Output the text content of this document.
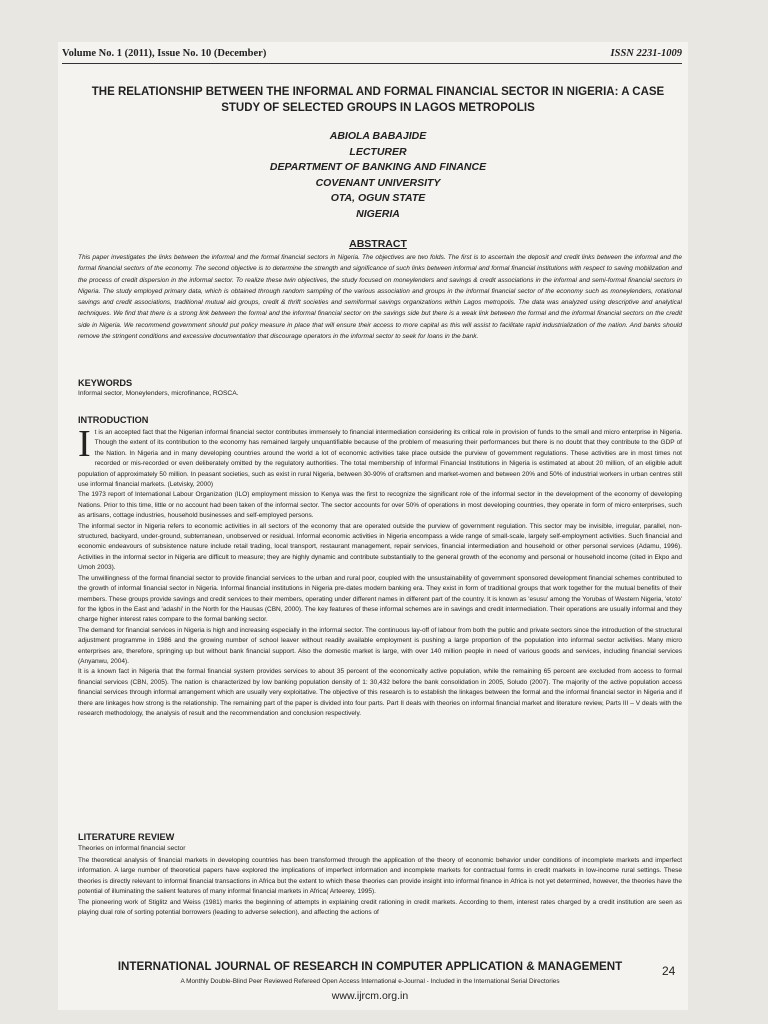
Volume No. 1 (2011), Issue No. 10 (December)	ISSN 2231-1009
THE RELATIONSHIP BETWEEN THE INFORMAL AND FORMAL FINANCIAL SECTOR IN NIGERIA: A CASE STUDY OF SELECTED GROUPS IN LAGOS METROPOLIS
ABIOLA BABAJIDE
LECTURER
DEPARTMENT OF BANKING AND FINANCE
COVENANT UNIVERSITY
OTA, OGUN STATE
NIGERIA
ABSTRACT
This paper investigates the links between the informal and the formal financial sectors in Nigeria. The objectives are two folds. The first is to ascertain the deposit and credit links between the informal and the formal financial sectors of the economy. The second objective is to determine the strength and significance of such links between informal and formal financial institutions with respect to saving mobilization and the process of credit dispersion in the informal sector. To realize these twin objectives, the study focused on moneylenders and savings & credit associations in the informal and semi-formal financial sectors in Nigeria. The study employed primary data, which is obtained through random sampling of the various association and groups in the informal financial sector of the economy such as moneylenders, rotational savings and credit associations, traditional mutual aid groups, credit & thrift societies and semiformal savings organizations within Lagos metropolis. The data was analyzed using descriptive and analytical techniques. We find that there is a strong link between the formal and the informal financial sector on the savings side but there is a weak link between the formal and the informal financial sectors on the credit side in Nigeria. We recommend government should put policy measure in place that will ensure their access to more capital as this will assist to facilitate rapid industrialization of the nation. And banks should remove the stringent conditions and excessive documentation that discourage operators in the informal sector to seek for loans in the bank.
KEYWORDS
Informal sector, Moneylenders, microfinance, ROSCA.
INTRODUCTION

It is an accepted fact that the Nigerian informal financial sector contributes immensely to financial intermediation considering its critical role in provision of funds to the small and micro enterprise in Nigeria. Though the extent of its contribution to the economy has remained largely unquantifiable because of the problem of measuring their performances but there is no doubt that they contribute to the GDP of the Nation. In Nigeria and in many developing countries around the world a lot of economic activities take place outside the purview of government regulations. These activities are in most times not recorded or mis-recorded or even deliberately omitted by the regulatory authorities. The total membership of Informal Financial Institutions in Nigeria is estimated at about 20 million, of an eligible adult population of approximately 50 million. In peasant societies, such as exist in rural Nigeria, between 30-90% of craftsmen and market-women and between 20% and 50% of industrial workers in urban centres still use informal financial markets. (Letvisky, 2000)

The 1973 report of International Labour Organization (ILO) employment mission to Kenya was the first to recognize the significant role of the informal sector in the development of the economy of developing Nations. Prior to this time, little or no account had been taken of the informal sector. The sector accounts for over 50% of operations in most developing countries, they operate in form of micro enterprises, such as artisans, cottage industries, household businesses and self-employed persons.

The informal sector in Nigeria refers to economic activities in all sectors of the economy that are operated outside the purview of government regulation. This sector may be invisible, irregular, parallel, non-structured, backyard, under-ground, subterranean, unobserved or residual. Informal economic activities in Nigeria encompass a wide range of small-scale, largely self-employment activities. Such financial and economic endeavours of subsistence nature include retail trading, local transport, restaurant management, repair services, financial intermediation and household or other personal services (Adamu, 1996). Activities in the informal sector in Nigeria are difficult to measure; they are highly dynamic and contribute substantially to the general growth of the economy and personal or household income (cited in Ekpo and Umoh 2003).

The unwillingness of the formal financial sector to provide financial services to the urban and rural poor, coupled with the unsustainability of government sponsored development financial schemes contributed to the growth of informal financial sector in Nigeria. Informal financial institutions in Nigeria pre-dates modern banking era. They exist in form of traditional groups that work together for the mutual benefits of their members. These groups provide savings and credit services to their members, operating under different names in different part of the country. It is known as 'esusu' among the Yorubas of Western Nigeria, 'etoto' for the Igbos in the East and 'adashi' in the North for the Hausas (CBN, 2000). The key features of these informal schemes are in savings and credit intermediation. Their operations are usually informal and they charge higher interest rates compare to the formal banking sector.

The demand for financial services in Nigeria is high and increasing especially in the informal sector. The continuous lay-off of labour from both the public and private sectors since the introduction of the structural adjustment programme in 1986 and the growing number of school leaver without readily available employment is pushing a large proportion of the population into informal sector activities. Many micro enterprises are, therefore, springing up but without bank financial support. Also the domestic market is large, with over 140 million people in need of various goods and services, including financial services (Anyanwu, 2004).

It is a known fact in Nigeria that the formal financial system provides services to about 35 percent of the economically active population, while the remaining 65 percent are excluded from access to formal financial services (CBN, 2005). The nation is characterized by low banking population density of 1: 30,432 before the bank consolidation in 2005, Soludo (2007). The majority of the active population access financial services through informal arrangement which are usually very exploitative. The objective of this research is to establish the linkages between the formal and the informal financial sector in Nigeria and if there are linkages how strong is the relationship. The remaining part of the paper is divided into four parts. Part II deals with theories on informal financial market and literature review, Parts III – V deals with the research methodology, the analysis of result and the recommendation and conclusion respectively.

LITERATURE REVIEW
Theories on informal financial sector

The theoretical analysis of financial markets in developing countries has been transformed through the application of the theory of economic behavior under conditions of incomplete markets and imperfect information. A large number of theoretical papers have explored the implications of imperfect information and incomplete markets for contractual forms in credit markets in low-income rural settings. These theories is directly relevant to informal financial transactions in Africa but the extent to which these theories can provide insight into informal finance in Africa is not yet determined, however, the theories have the potential of illuminating the salient features of many informal financial markets in Africa( Arteerey, 1995).

The pioneering work of Stiglitz and Weiss (1981) marks the beginning of attempts in explaining credit rationing in credit markets. According to them, interest rates charged by a credit institution are seen as playing dual role of sorting potential borrowers (leading to adverse selection), and affecting the actions of

INTERNATIONAL JOURNAL OF RESEARCH IN COMPUTER APPLICATION & MANAGEMENT	24
A Monthly Double-Blind Peer Reviewed Refereed Open Access International e-Journal - Included in the International Serial Directories
www.ijrcm.org.in
